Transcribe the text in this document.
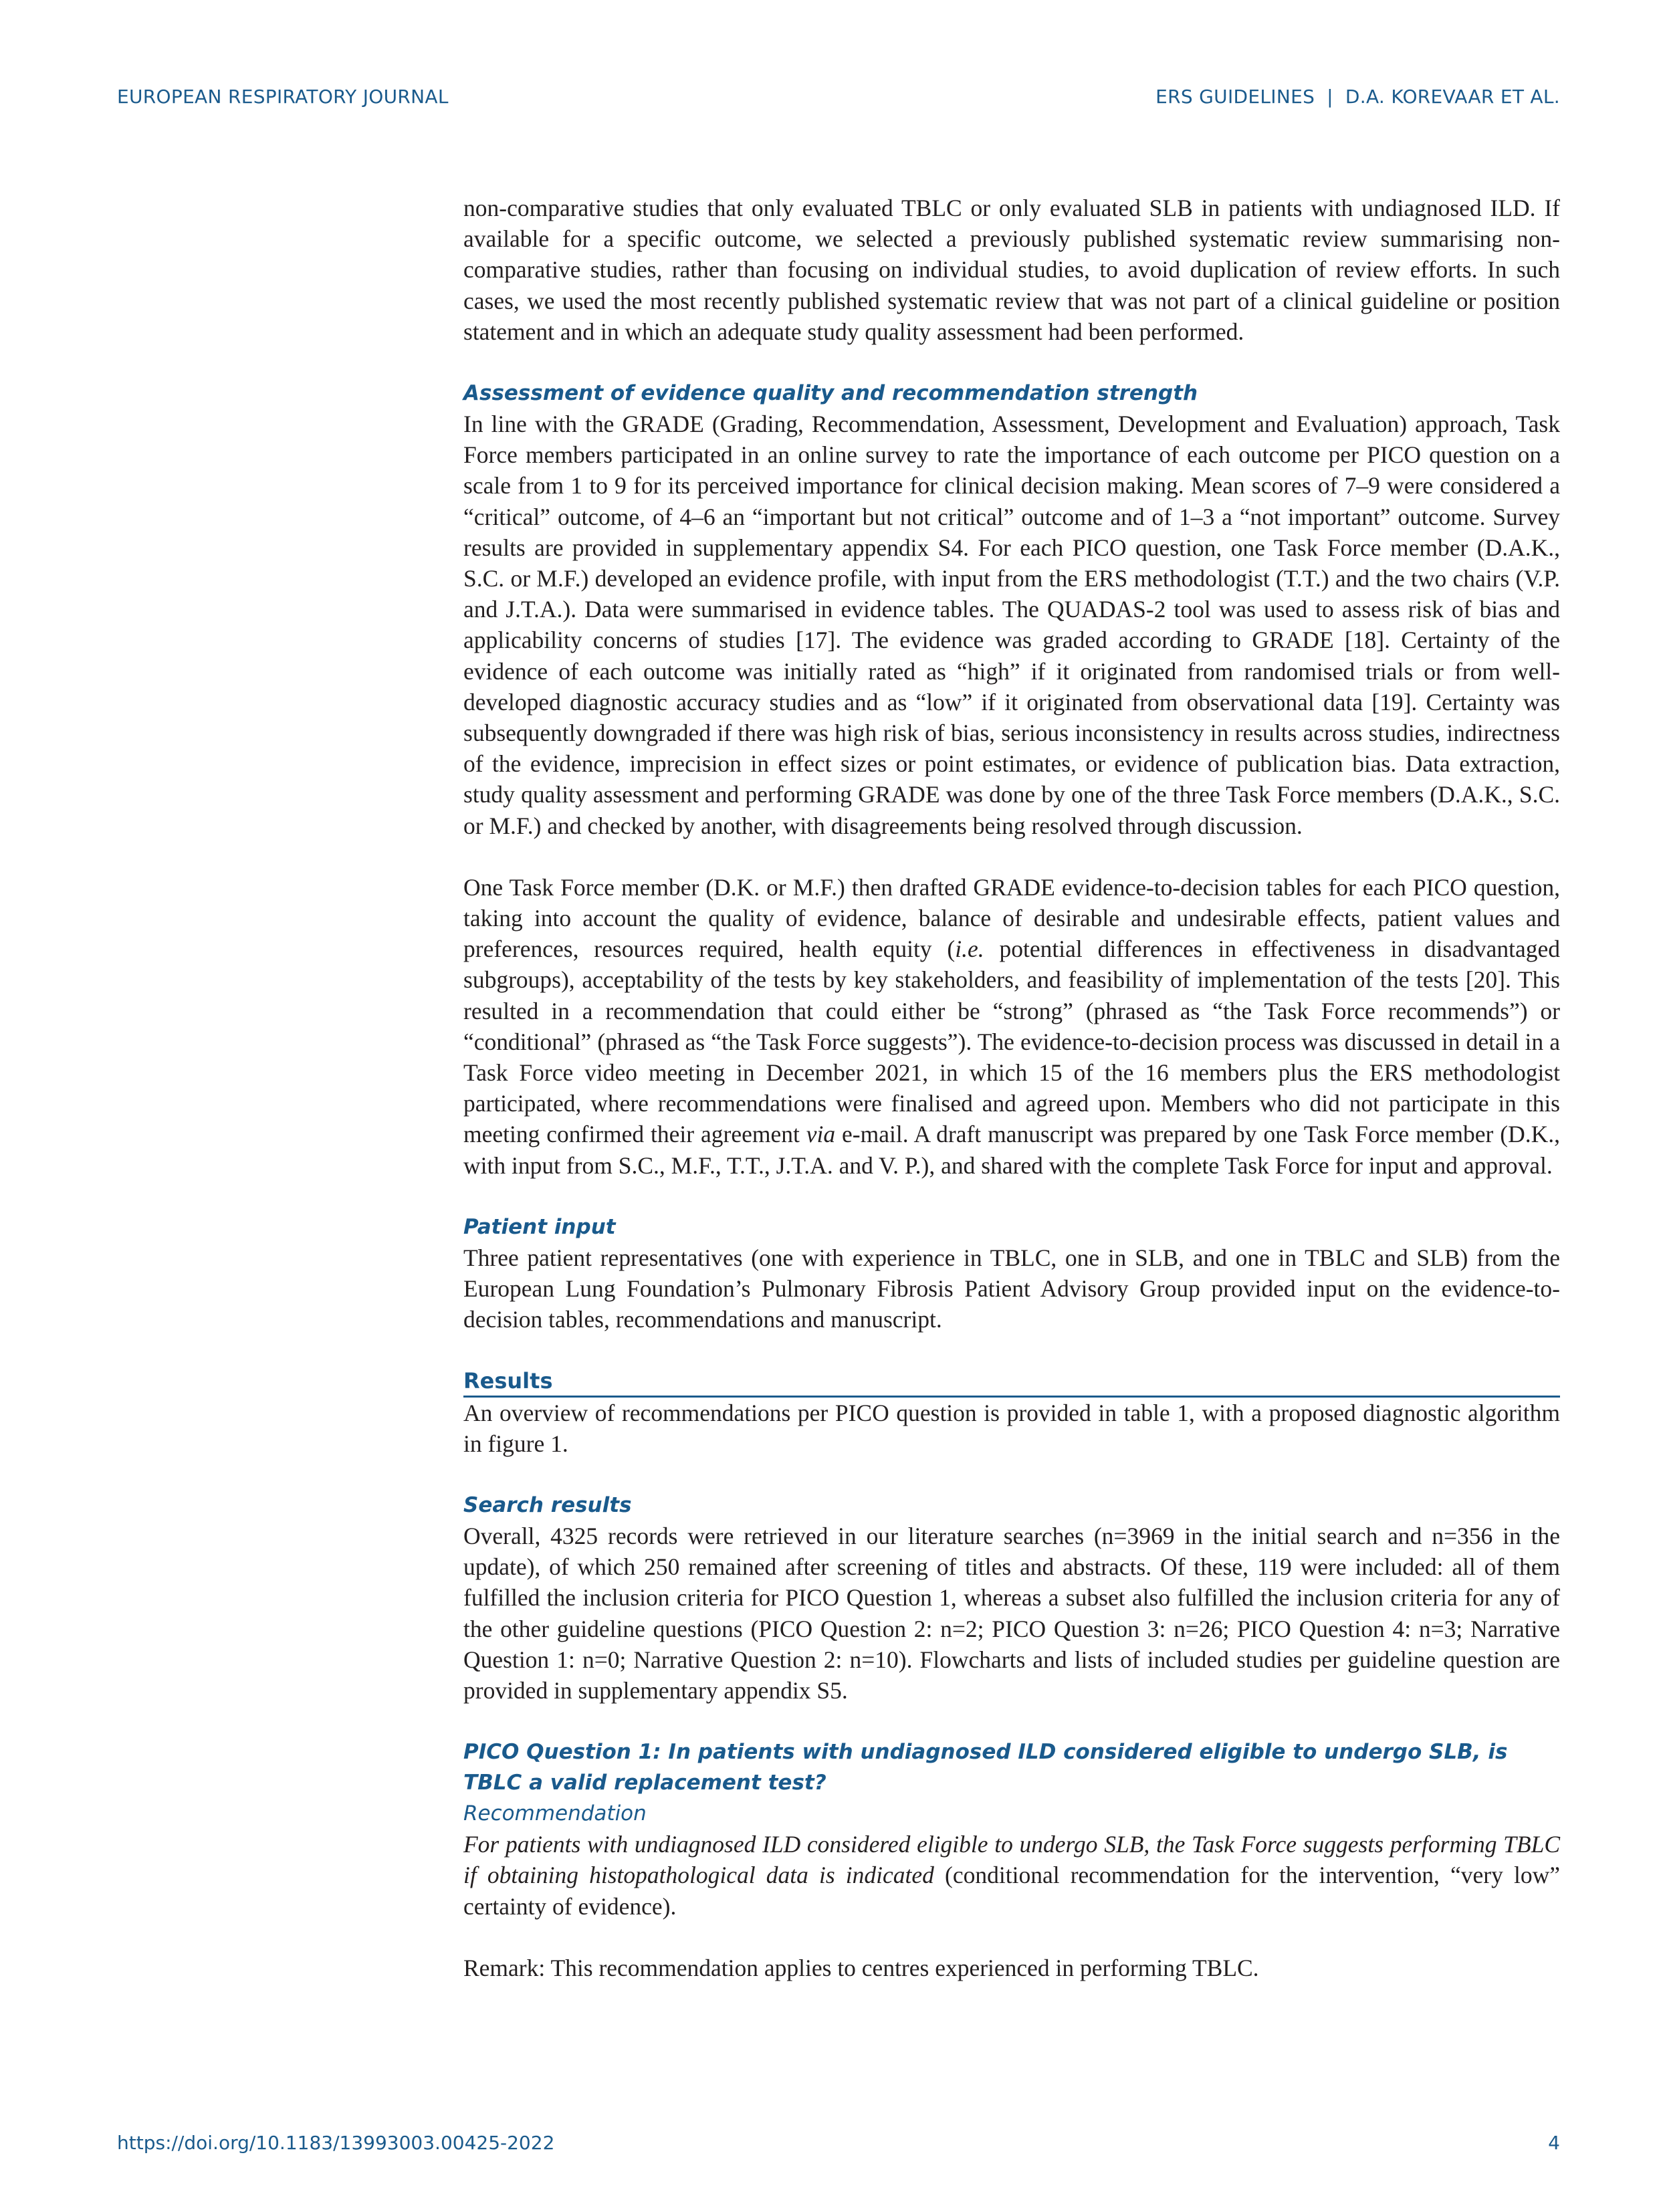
EUROPEAN RESPIRATORY JOURNAL	ERS GUIDELINES | D.A. KOREVAAR ET AL.

non-comparative studies that only evaluated TBLC or only evaluated SLB in patients with undiagnosed ILD. If available for a specific outcome, we selected a previously published systematic review summarising non-comparative studies, rather than focusing on individual studies, to avoid duplication of review efforts. In such cases, we used the most recently published systematic review that was not part of a clinical guideline or position statement and in which an adequate study quality assessment had been performed.

Assessment of evidence quality and recommendation strength

In line with the GRADE (Grading, Recommendation, Assessment, Development and Evaluation) approach, Task Force members participated in an online survey to rate the importance of each outcome per PICO question on a scale from 1 to 9 for its perceived importance for clinical decision making. Mean scores of 7–9 were considered a “critical” outcome, of 4–6 an “important but not critical” outcome and of 1–3 a “not important” outcome. Survey results are provided in supplementary appendix S4. For each PICO question, one Task Force member (D.A.K., S.C. or M.F.) developed an evidence profile, with input from the ERS methodologist (T.T.) and the two chairs (V.P. and J.T.A.). Data were summarised in evidence tables. The QUADAS-2 tool was used to assess risk of bias and applicability concerns of studies [17]. The evidence was graded according to GRADE [18]. Certainty of the evidence of each outcome was initially rated as “high” if it originated from randomised trials or from well-developed diagnostic accuracy studies and as “low” if it originated from observational data [19]. Certainty was subsequently downgraded if there was high risk of bias, serious inconsistency in results across studies, indirectness of the evidence, imprecision in effect sizes or point estimates, or evidence of publication bias. Data extraction, study quality assessment and performing GRADE was done by one of the three Task Force members (D.A.K., S.C. or M.F.) and checked by another, with disagreements being resolved through discussion.

One Task Force member (D.K. or M.F.) then drafted GRADE evidence-to-decision tables for each PICO question, taking into account the quality of evidence, balance of desirable and undesirable effects, patient values and preferences, resources required, health equity (i.e. potential differences in effectiveness in disadvantaged subgroups), acceptability of the tests by key stakeholders, and feasibility of implementation of the tests [20]. This resulted in a recommendation that could either be “strong” (phrased as “the Task Force recommends”) or “conditional” (phrased as “the Task Force suggests”). The evidence-to-decision process was discussed in detail in a Task Force video meeting in December 2021, in which 15 of the 16 members plus the ERS methodologist participated, where recommendations were finalised and agreed upon. Members who did not participate in this meeting confirmed their agreement via e-mail. A draft manuscript was prepared by one Task Force member (D.K., with input from S.C., M.F., T.T., J.T.A. and V. P.), and shared with the complete Task Force for input and approval.

Patient input

Three patient representatives (one with experience in TBLC, one in SLB, and one in TBLC and SLB) from the European Lung Foundation’s Pulmonary Fibrosis Patient Advisory Group provided input on the evidence-to-decision tables, recommendations and manuscript.

Results

An overview of recommendations per PICO question is provided in table 1, with a proposed diagnostic algorithm in figure 1.

Search results

Overall, 4325 records were retrieved in our literature searches (n=3969 in the initial search and n=356 in the update), of which 250 remained after screening of titles and abstracts. Of these, 119 were included: all of them fulfilled the inclusion criteria for PICO Question 1, whereas a subset also fulfilled the inclusion criteria for any of the other guideline questions (PICO Question 2: n=2; PICO Question 3: n=26; PICO Question 4: n=3; Narrative Question 1: n=0; Narrative Question 2: n=10). Flowcharts and lists of included studies per guideline question are provided in supplementary appendix S5.

PICO Question 1: In patients with undiagnosed ILD considered eligible to undergo SLB, is TBLC a valid replacement test?
Recommendation

For patients with undiagnosed ILD considered eligible to undergo SLB, the Task Force suggests performing TBLC if obtaining histopathological data is indicated (conditional recommendation for the intervention, “very low” certainty of evidence).

Remark: This recommendation applies to centres experienced in performing TBLC.

https://doi.org/10.1183/13993003.00425-2022	4
